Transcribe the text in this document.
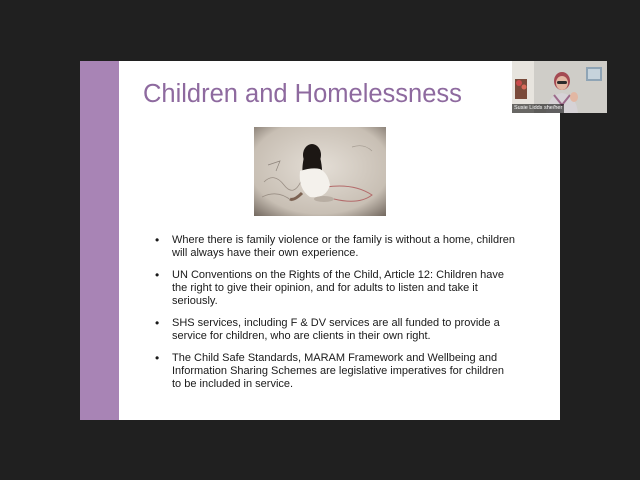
Children and Homelessness
• Where there is family violence or the family is without a home, children will always have their own experience.
• UN Conventions on the Rights of the Child, Article 12: Children have the right to give their opinion, and for adults to listen and take it seriously.
• SHS services, including F & DV services are all funded to provide a service for children, who are clients in their own right.
• The Child Safe Standards, MARAM Framework and Wellbeing and Information Sharing Schemes are legislative imperatives for children to be included in service.
Susie Lidds she/her
